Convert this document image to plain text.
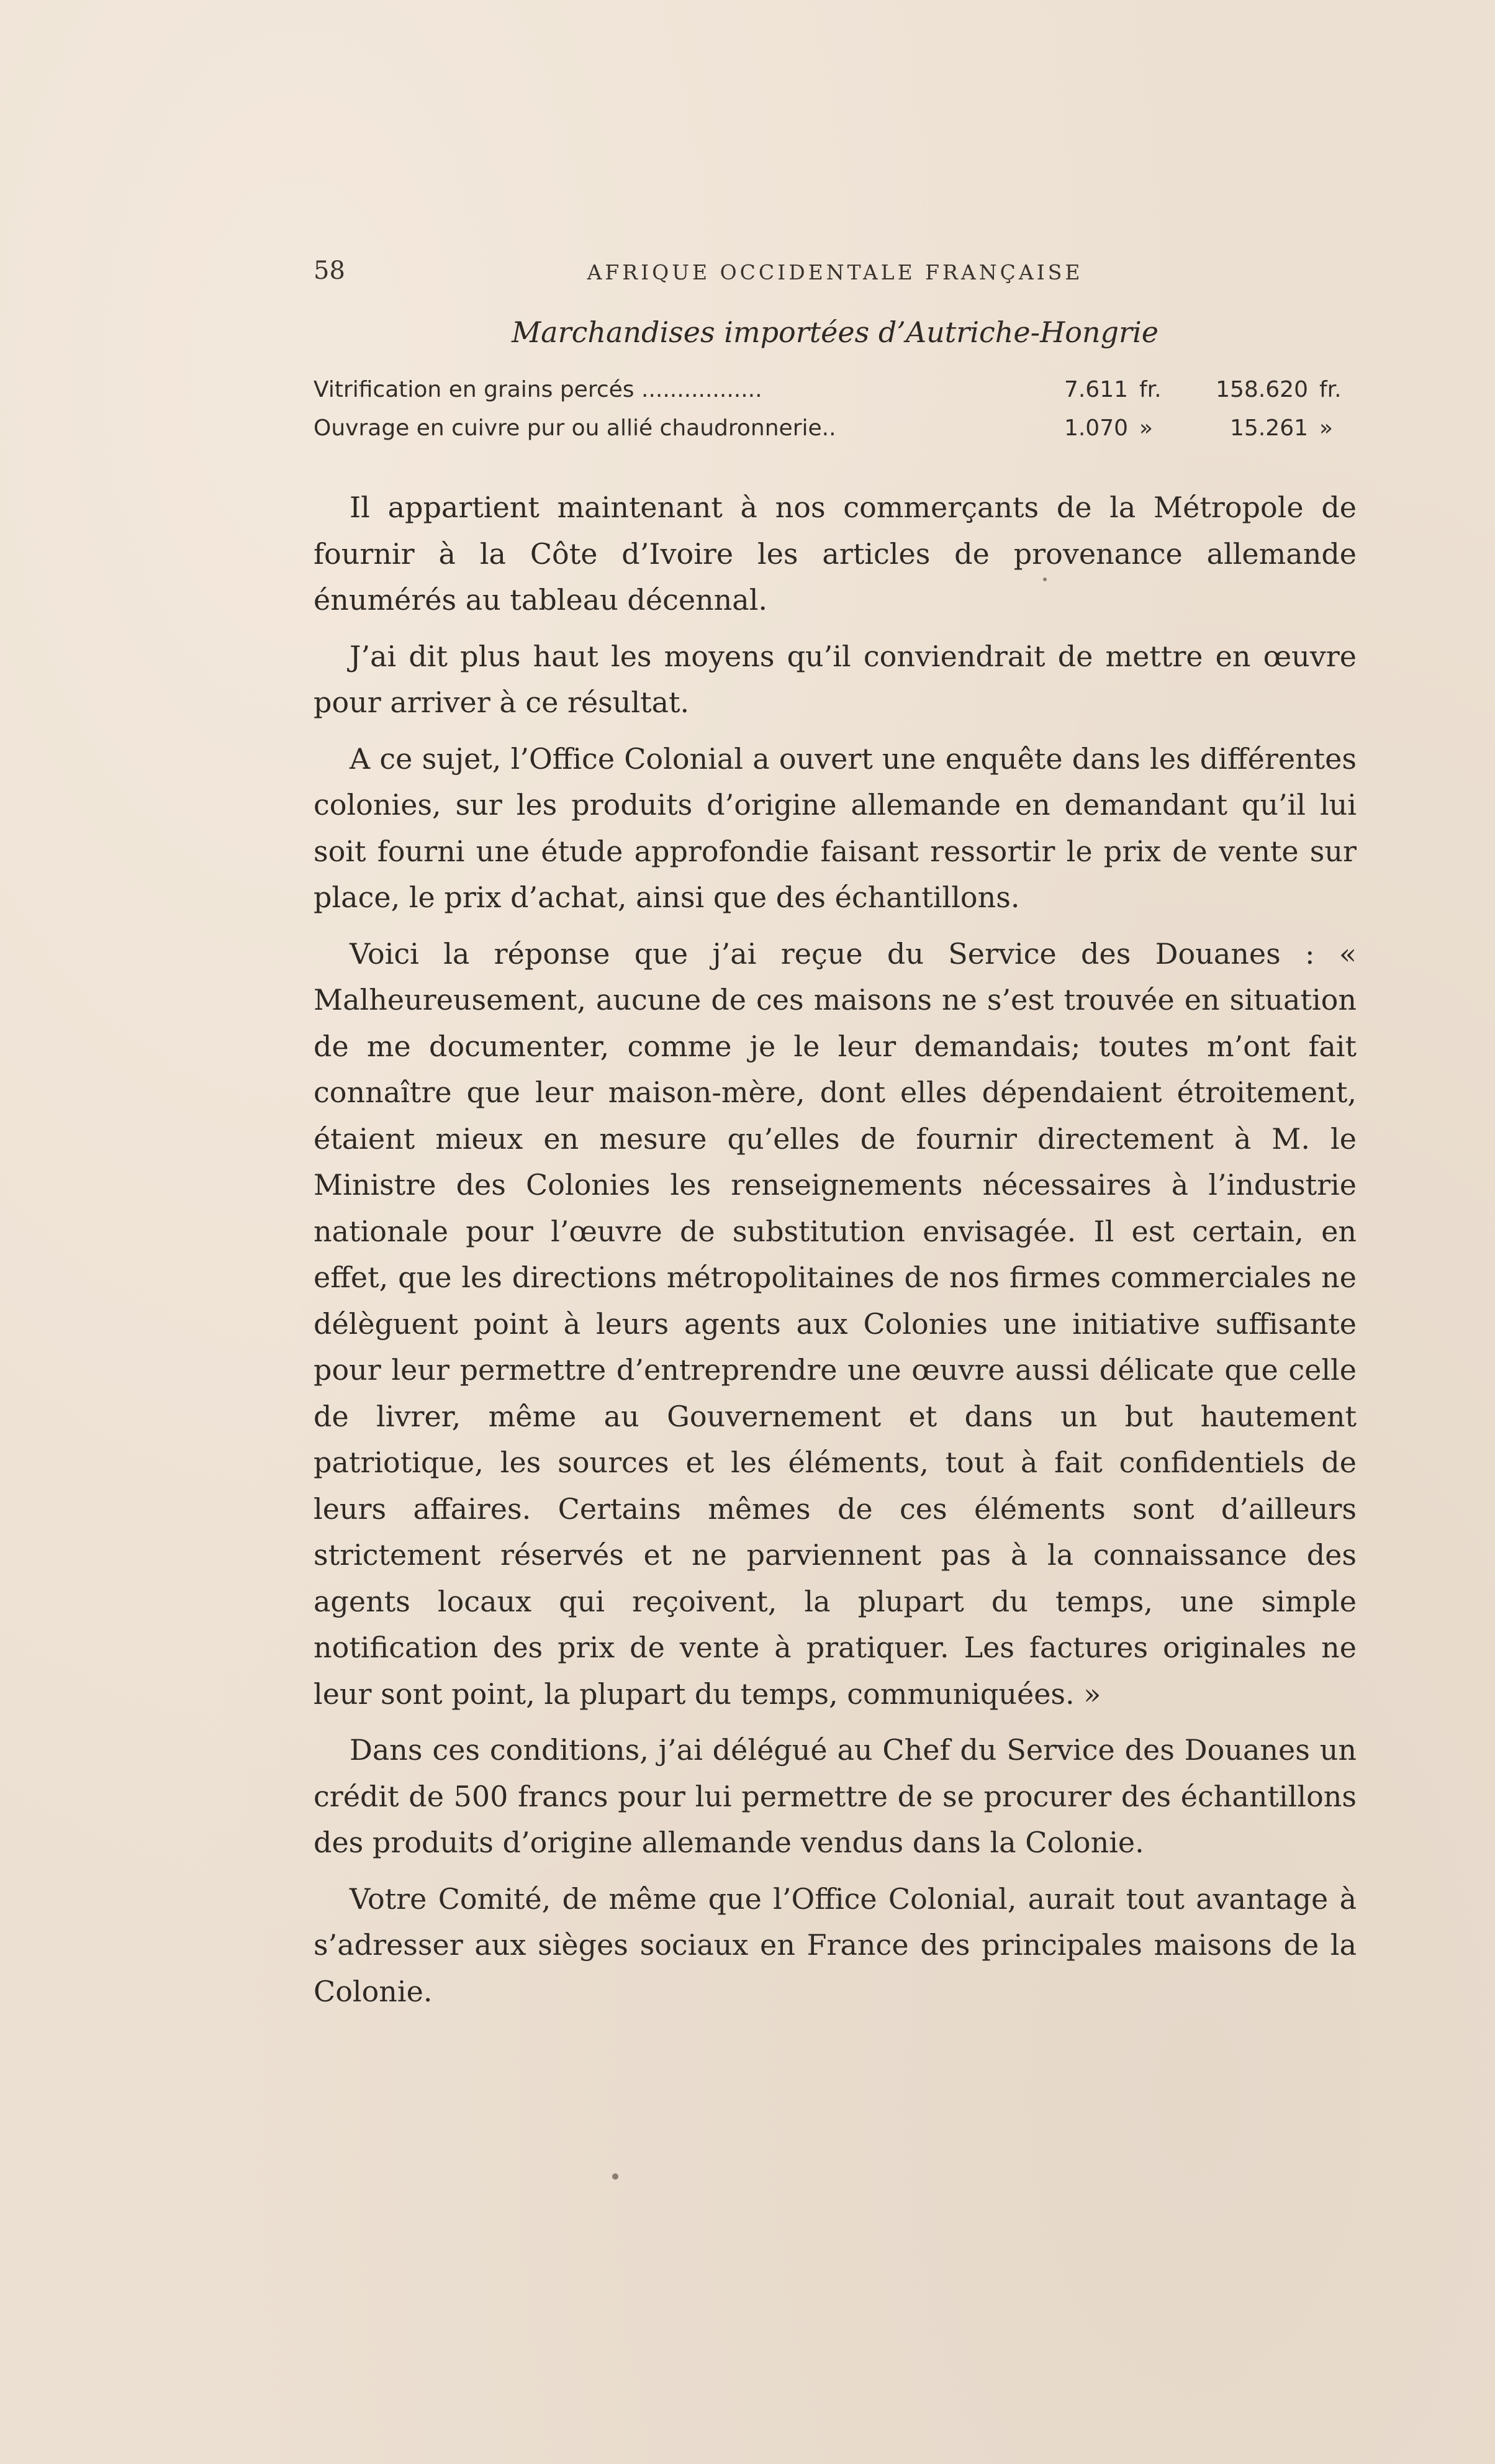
58	AFRIQUE OCCIDENTALE FRANÇAISE
Marchandises importées d’Autriche-Hongrie
Vitrification en grains percés .................	7.611 fr.	158.620 fr.
Ouvrage en cuivre pur ou allié chaudronnerie..	1.070 »	15.261 »

Il appartient maintenant à nos commerçants de la Métropole de fournir à la Côte d’Ivoire les articles de provenance allemande énumérés au tableau décennal.

J’ai dit plus haut les moyens qu’il conviendrait de mettre en œuvre pour arriver à ce résultat.

A ce sujet, l’Office Colonial a ouvert une enquête dans les différentes colonies, sur les produits d’origine allemande en demandant qu’il lui soit fourni une étude approfondie faisant ressortir le prix de vente sur place, le prix d’achat, ainsi que des échantillons.

Voici la réponse que j’ai reçue du Service des Douanes : « Malheureusement, aucune de ces maisons ne s’est trouvée en situation de me documenter, comme je le leur demandais; toutes m’ont fait connaître que leur maison-mère, dont elles dépendaient étroitement, étaient mieux en mesure qu’elles de fournir directement à M. le Ministre des Colonies les renseignements nécessaires à l’industrie nationale pour l’œuvre de substitution envisagée. Il est certain, en effet, que les directions métropolitaines de nos firmes commerciales ne délèguent point à leurs agents aux Colonies une initiative suffisante pour leur permettre d’entreprendre une œuvre aussi délicate que celle de livrer, même au Gouvernement et dans un but hautement patriotique, les sources et les éléments, tout à fait confidentiels de leurs affaires. Certains mêmes de ces éléments sont d’ailleurs strictement réservés et ne parviennent pas à la connaissance des agents locaux qui reçoivent, la plupart du temps, une simple notification des prix de vente à pratiquer. Les factures originales ne leur sont point, la plupart du temps, communiquées. »

Dans ces conditions, j’ai délégué au Chef du Service des Douanes un crédit de 500 francs pour lui permettre de se procurer des échantillons des produits d’origine allemande vendus dans la Colonie.

Votre Comité, de même que l’Office Colonial, aurait tout avantage à s’adresser aux sièges sociaux en France des principales maisons de la Colonie.
